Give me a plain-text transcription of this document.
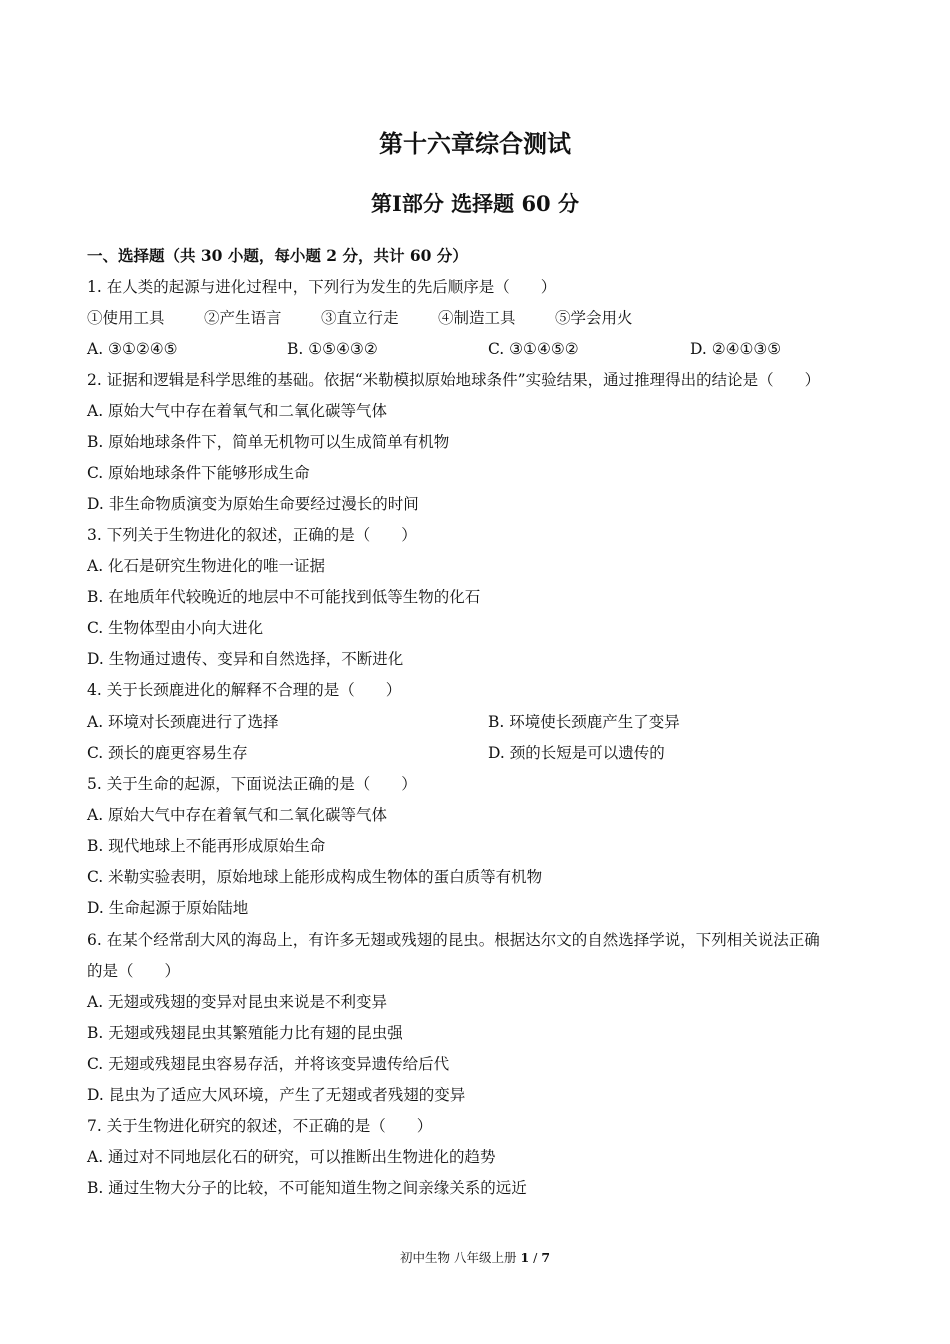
第十六章综合测试
第Ⅰ部分 选择题 60 分
一、选择题（共 30 小题，每小题 2 分，共计 60 分）
1. 在人类的起源与进化过程中，下列行为发生的先后顺序是（　　）
①使用工具	②产生语言	③直立行走	④制造工具	⑤学会用火
A. ③①②④⑤	B. ①⑤④③②	C. ③①④⑤②	D. ②④①③⑤
2. 证据和逻辑是科学思维的基础。依据“米勒模拟原始地球条件”实验结果，通过推理得出的结论是（　　）
A. 原始大气中存在着氧气和二氧化碳等气体
B. 原始地球条件下，简单无机物可以生成简单有机物
C. 原始地球条件下能够形成生命
D. 非生命物质演变为原始生命要经过漫长的时间
3. 下列关于生物进化的叙述，正确的是（　　）
A. 化石是研究生物进化的唯一证据
B. 在地质年代较晚近的地层中不可能找到低等生物的化石
C. 生物体型由小向大进化
D. 生物通过遗传、变异和自然选择，不断进化
4. 关于长颈鹿进化的解释不合理的是（　　）
A. 环境对长颈鹿进行了选择	B. 环境使长颈鹿产生了变异
C. 颈长的鹿更容易生存	D. 颈的长短是可以遗传的
5. 关于生命的起源，下面说法正确的是（　　）
A. 原始大气中存在着氧气和二氧化碳等气体
B. 现代地球上不能再形成原始生命
C. 米勒实验表明，原始地球上能形成构成生物体的蛋白质等有机物
D. 生命起源于原始陆地
6. 在某个经常刮大风的海岛上，有许多无翅或残翅的昆虫。根据达尔文的自然选择学说，下列相关说法正确
的是（　　）
A. 无翅或残翅的变异对昆虫来说是不利变异
B. 无翅或残翅昆虫其繁殖能力比有翅的昆虫强
C. 无翅或残翅昆虫容易存活，并将该变异遗传给后代
D. 昆虫为了适应大风环境，产生了无翅或者残翅的变异
7. 关于生物进化研究的叙述，不正确的是（　　）
A. 通过对不同地层化石的研究，可以推断出生物进化的趋势
B. 通过生物大分子的比较，不可能知道生物之间亲缘关系的远近
初中生物 八年级上册 1 / 7
